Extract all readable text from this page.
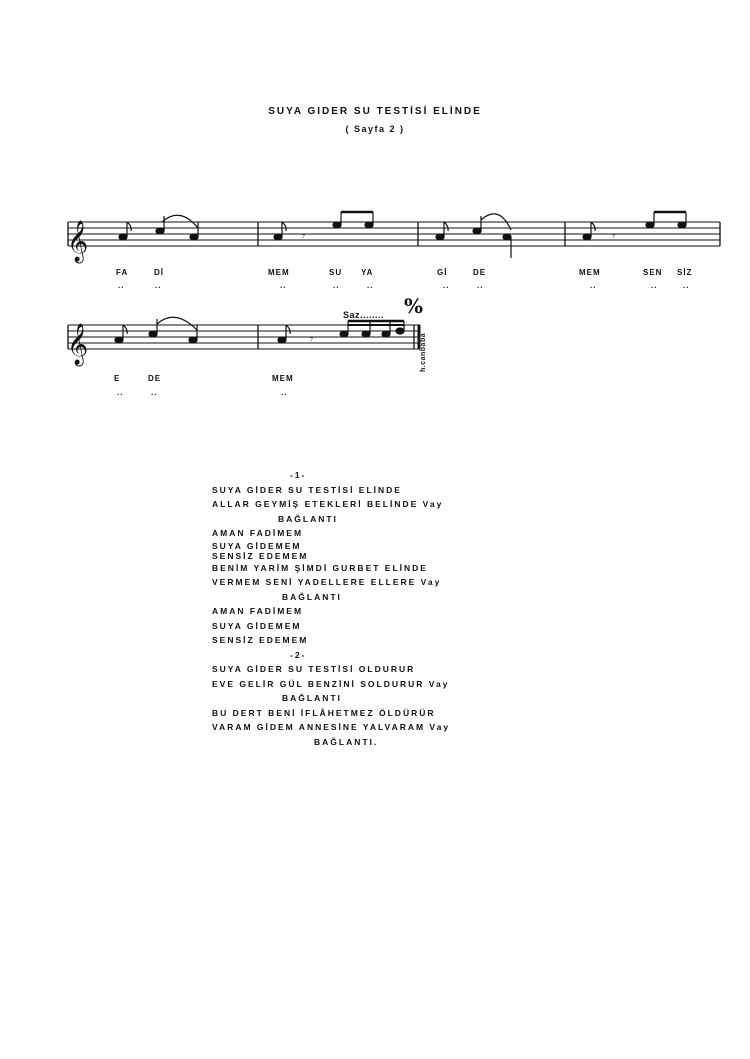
SUYA GIDER SU TESTİSİ ELİNDE
( Sayfa 2 )
𝄞	𝄾	𝄾
𝄞	𝄾
FA	Dİ	MEM	SU YA	Gİ	DE	MEM	SEN SİZ
..	..	..	..	..	..	..	..	..	..
Saz........ %
h.canbaba
E	DE	MEM
..	..	..
-1-
SUYA GİDER SU TESTİSİ ELİNDE
ALLAR GEYMİŞ ETEKLERİ BELİNDE Vay
BAĞLANTI
AMAN FADİMEM
SUYA GİDEMEM
SENSİZ EDEMEM
BENİM YARİM ŞİMDİ GURBET ELİNDE
VERMEM SENİ YADELLERE ELLERE Vay
BAĞLANTI
AMAN FADİMEM
SUYA GİDEMEM
SENSİZ EDEMEM
-2-
SUYA GİDER SU TESTİSİ OLDURUR
EVE GELİR GÜL BENZİNİ SOLDURUR Vay
BAĞLANTI
BU DERT BENİ İFLÂHETMEZ ÖLDÜRÜR
VARAM GİDEM ANNESİNE YALVARAM Vay
BAĞLANTI.
